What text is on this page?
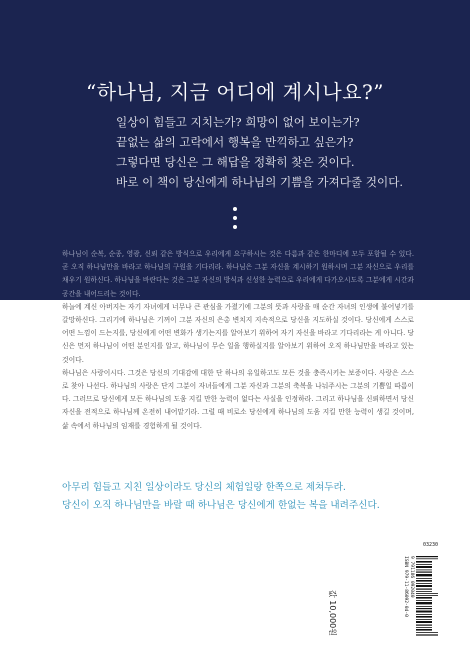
“하나님, 지금 어디에 계시나요?”
일상이 힘들고 지치는가? 희망이 없어 보이는가?
끝없는 삶의 고락에서 행복을 만끽하고 싶은가?
그렇다면 당신은 그 해답을 정확히 찾은 것이다.
바로 이 책이 당신에게 하나님의 기쁨을 가져다줄 것이다.

하나님이 순복, 순종, 영광, 신뢰 같은 방식으로 우리에게 요구하시는 것은 다름과 같은 한마디에 모두 포함될 수 있다. 곧 오직 하나님만을 바라고 하나님의 구원을 기다리라. 하나님은 그분 자신을 계시하기 원하시며 그분 자신으로 우리를 채우기 원하신다. 하나님을 바란다는 것은 그분 자신의 방식과 신성한 능력으로 우리에게 다가오시도록 그분에게 시간과 공간을 내어드리는 것이다.

하늘에 계신 아버지는 자기 자녀에게 너무나 큰 관심을 가졌기에 그분의 뜻과 사랑을 매 순간 자녀의 인생에 불어넣기를 갈망하신다. 그리기에 하나님은 기꺼이 그분 자신의 은총 변치지 지속적으로 당신을 지도하실 것이다. 당신에게 스스로 어떤 느낌이 드는지를, 당신에게 어떤 변화가 생기는지를 알아보기 위하여 자기 자신을 바라고 기다리라는 게 아니다. 당신은 먼저 하나님이 어떤 분인지를 알고, 하나님이 무슨 일을 행하실지를 알아보기 위하여 오직 하나님만을 바라고 있는 것이다.

하나님은 사랑이시다. 그것은 당신의 기대감에 대한 단 하나의 유일하고도 모든 것을 충족시키는 보증이다. 사랑은 스스로 찾아 나선다. 하나님의 사랑은 단지 그분이 자녀들에게 그분 자신과 그분의 축복을 나눠주시는 그분의 기쁨일 따름이다. 그러므로 당신에게 모든 하나님의 도움 지킬 만한 능력이 없다는 사실을 인정하라. 그리고 하나님을 신뢰하면서 당신 자신을 전적으로 하나님께 온전히 내어맡기라. 그럴 때 비로소 당신에게 하나님의 도움 지킬 만한 능력이 생길 것이며, 삶 속에서 하나님의 임재를 경험하게 될 것이다.

아무리 힘들고 지친 일상이라도 당신의 체험일랑 한쪽으로 제쳐두라.
당신이 오직 하나님만을 바랄 때 하나님은 당신에게 한없는 복을 내려주신다.
값 10,000원
03230
9 791186 092040
ISBN 979-11-86092-04-0
